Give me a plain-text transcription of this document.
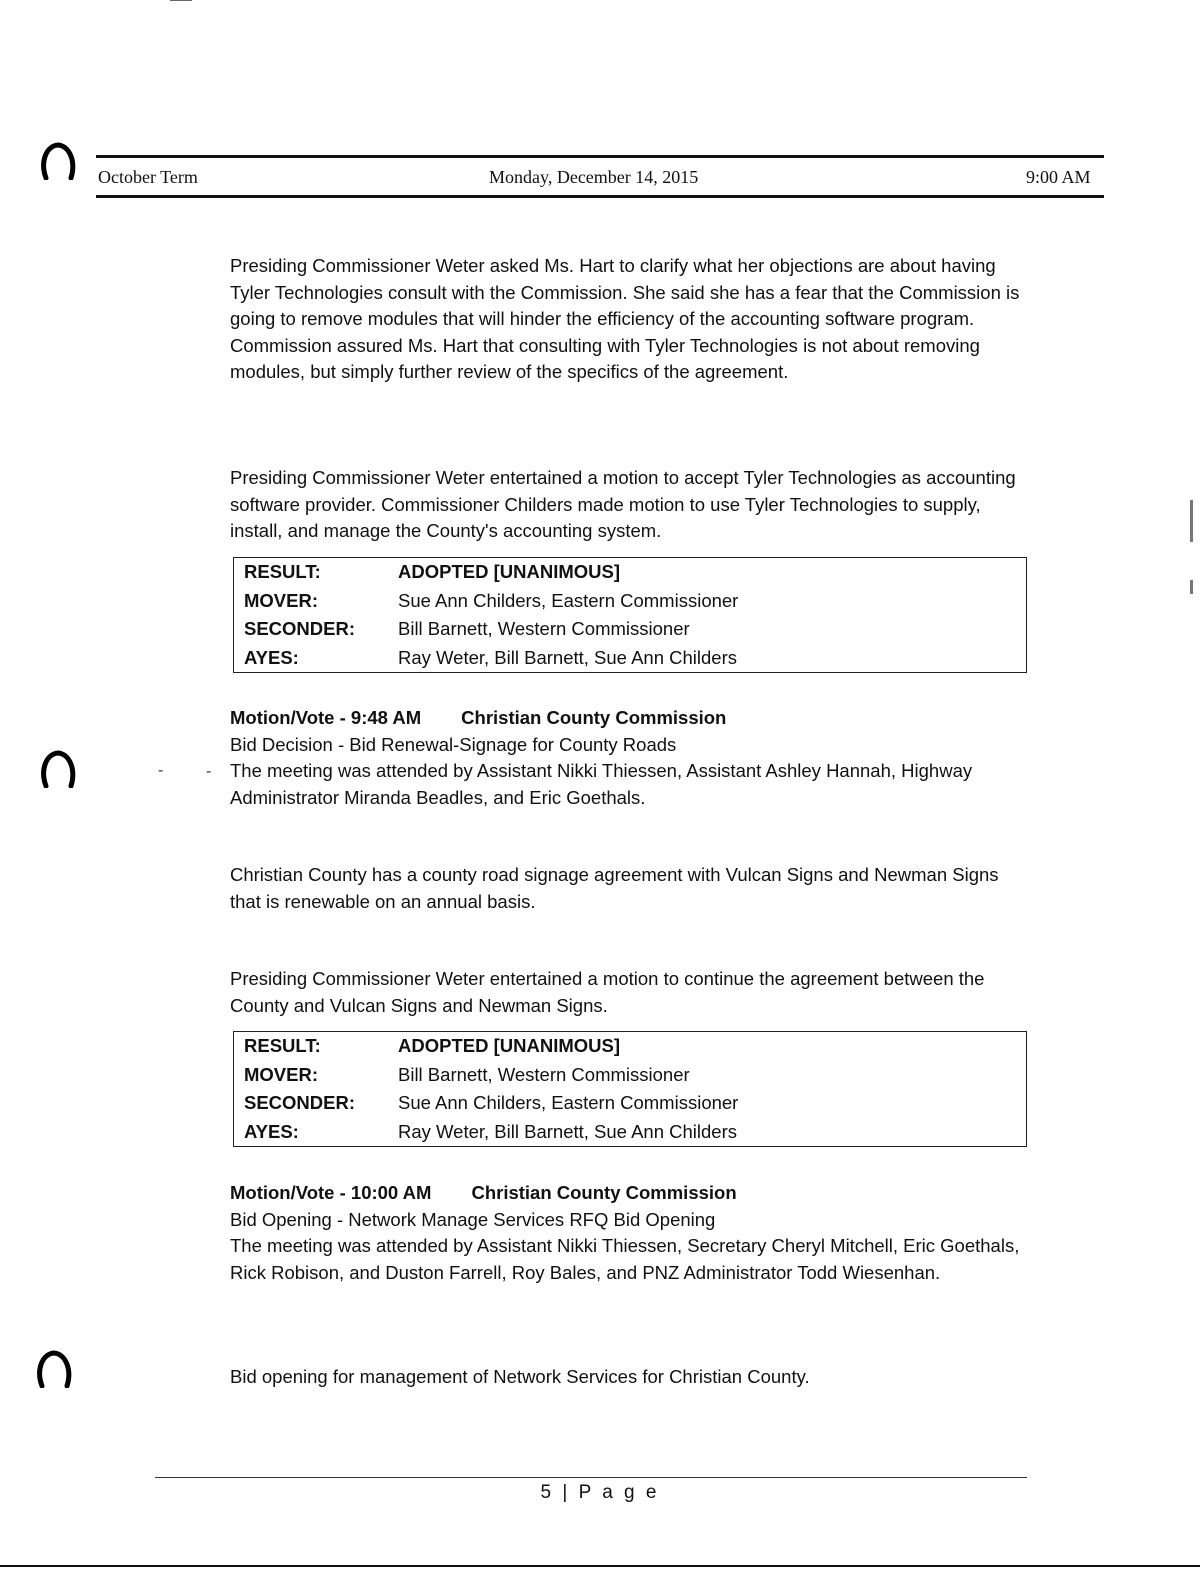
October Term	Monday, December 14, 2015	9:00 AM

Presiding Commissioner Weter asked Ms. Hart to clarify what her objections are about having Tyler Technologies consult with the Commission. She said she has a fear that the Commission is going to remove modules that will hinder the efficiency of the accounting software program. Commission assured Ms. Hart that consulting with Tyler Technologies is not about removing modules, but simply further review of the specifics of the agreement.

Presiding Commissioner Weter entertained a motion to accept Tyler Technologies as accounting software provider. Commissioner Childers made motion to use Tyler Technologies to supply, install, and manage the County's accounting system.

RESULT:	ADOPTED [UNANIMOUS]
MOVER:	Sue Ann Childers, Eastern Commissioner
SECONDER: Bill Barnett, Western Commissioner
AYES:	Ray Weter, Bill Barnett, Sue Ann Childers

Motion/Vote - 9:48 AM Christian County Commission

Bid Decision - Bid Renewal-Signage for County Roads

The meeting was attended by Assistant Nikki Thiessen, Assistant Ashley Hannah, Highway Administrator Miranda Beadles, and Eric Goethals.

-	-

Christian County has a county road signage agreement with Vulcan Signs and Newman Signs that is renewable on an annual basis.

Presiding Commissioner Weter entertained a motion to continue the agreement between the County and Vulcan Signs and Newman Signs.

RESULT:	ADOPTED [UNANIMOUS]
MOVER:	Bill Barnett, Western Commissioner
SECONDER: Sue Ann Childers, Eastern Commissioner
AYES:	Ray Weter, Bill Barnett, Sue Ann Childers

Motion/Vote - 10:00 AM Christian County Commission

Bid Opening - Network Manage Services RFQ Bid Opening

The meeting was attended by Assistant Nikki Thiessen, Secretary Cheryl Mitchell, Eric Goethals, Rick Robison, and Duston Farrell, Roy Bales, and PNZ Administrator Todd Wiesenhan.

Bid opening for management of Network Services for Christian County.

5 | P a g e
